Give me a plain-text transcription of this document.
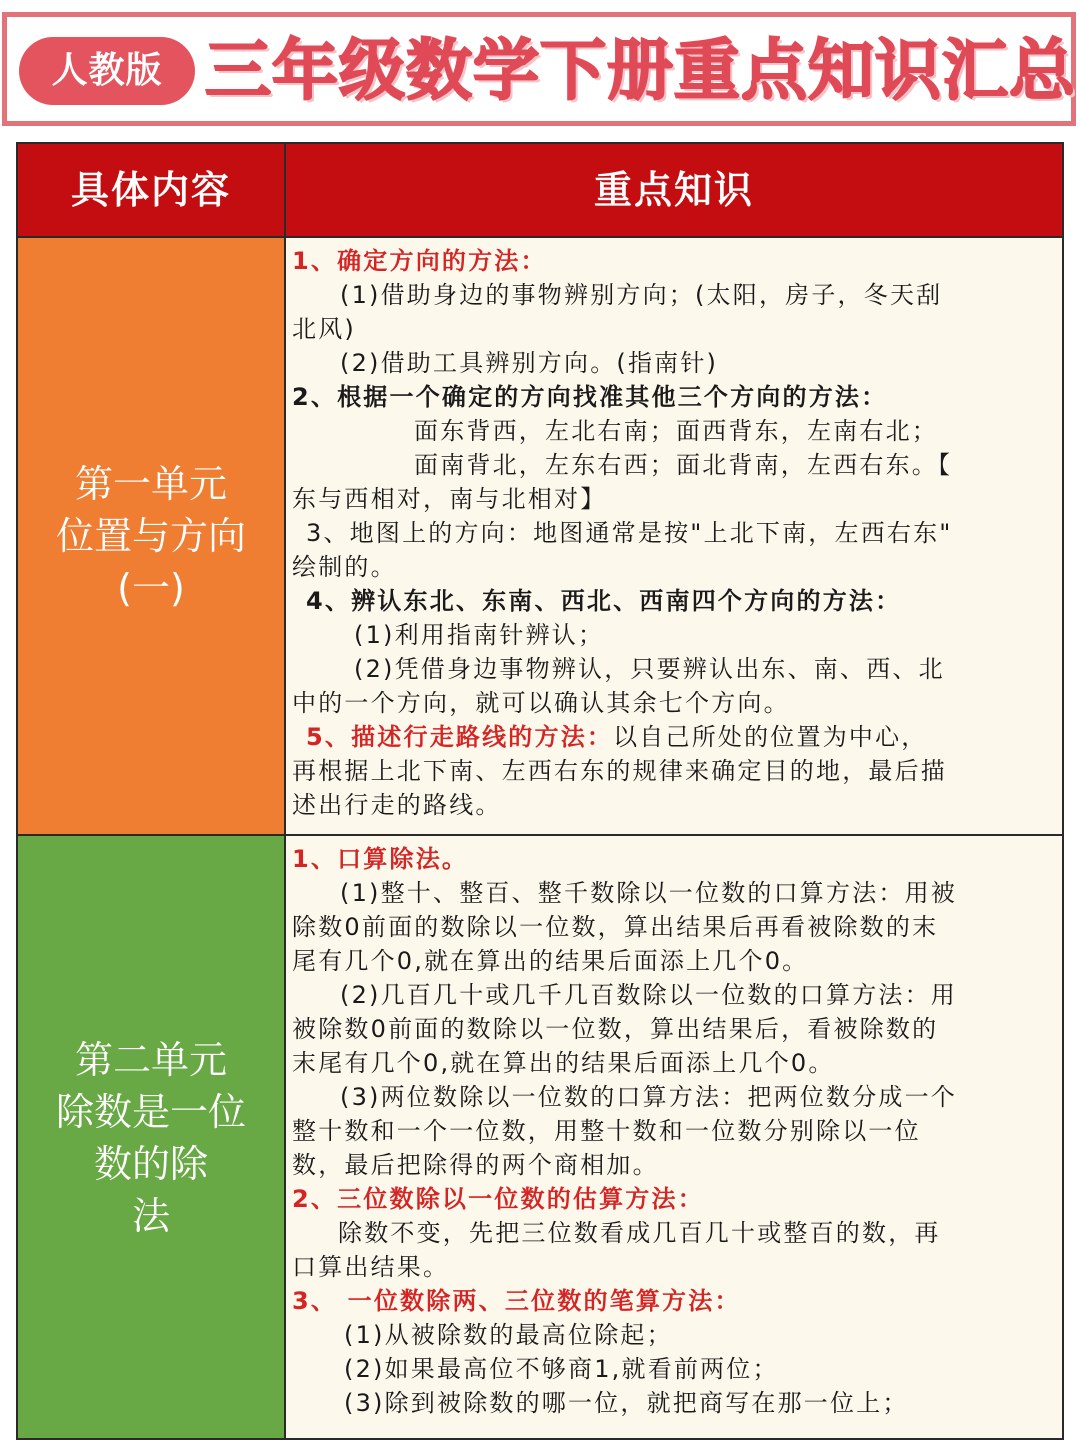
人教版 三年级数学下册重点知识汇总
具体内容	重点知识
第一单元
位置与方向
(一)
1、确定方向的方法：
(1)借助身边的事物辨别方向；(太阳，房子，冬天刮
北风)
(2)借助工具辨别方向。(指南针)
2、根据一个确定的方向找准其他三个方向的方法：
面东背西，左北右南；面西背东，左南右北；
面南背北，左东右西；面北背南，左西右东。【
东与西相对，南与北相对】
3、地图上的方向：地图通常是按"上北下南，左西右东"
绘制的。
4、辨认东北、东南、西北、西南四个方向的方法：
(1)利用指南针辨认；
(2)凭借身边事物辨认，只要辨认出东、南、西、北
中的一个方向，就可以确认其余七个方向。
5、描述行走路线的方法：以自己所处的位置为中心，
再根据上北下南、左西右东的规律来确定目的地，最后描
述出行走的路线。
第二单元
除数是一位
数的除
法
1、口算除法。
(1)整十、整百、整千数除以一位数的口算方法：用被
除数0前面的数除以一位数，算出结果后再看被除数的末
尾有几个0,就在算出的结果后面添上几个0。
(2)几百几十或几千几百数除以一位数的口算方法：用
被除数0前面的数除以一位数，算出结果后，看被除数的
末尾有几个0,就在算出的结果后面添上几个0。
(3)两位数除以一位数的口算方法：把两位数分成一个
整十数和一个一位数，用整十数和一位数分别除以一位
数，最后把除得的两个商相加。
2、三位数除以一位数的估算方法：
除数不变，先把三位数看成几百几十或整百的数，再
口算出结果。
3、 一位数除两、三位数的笔算方法：
(1)从被除数的最高位除起；
(2)如果最高位不够商1,就看前两位；
(3)除到被除数的哪一位，就把商写在那一位上；
